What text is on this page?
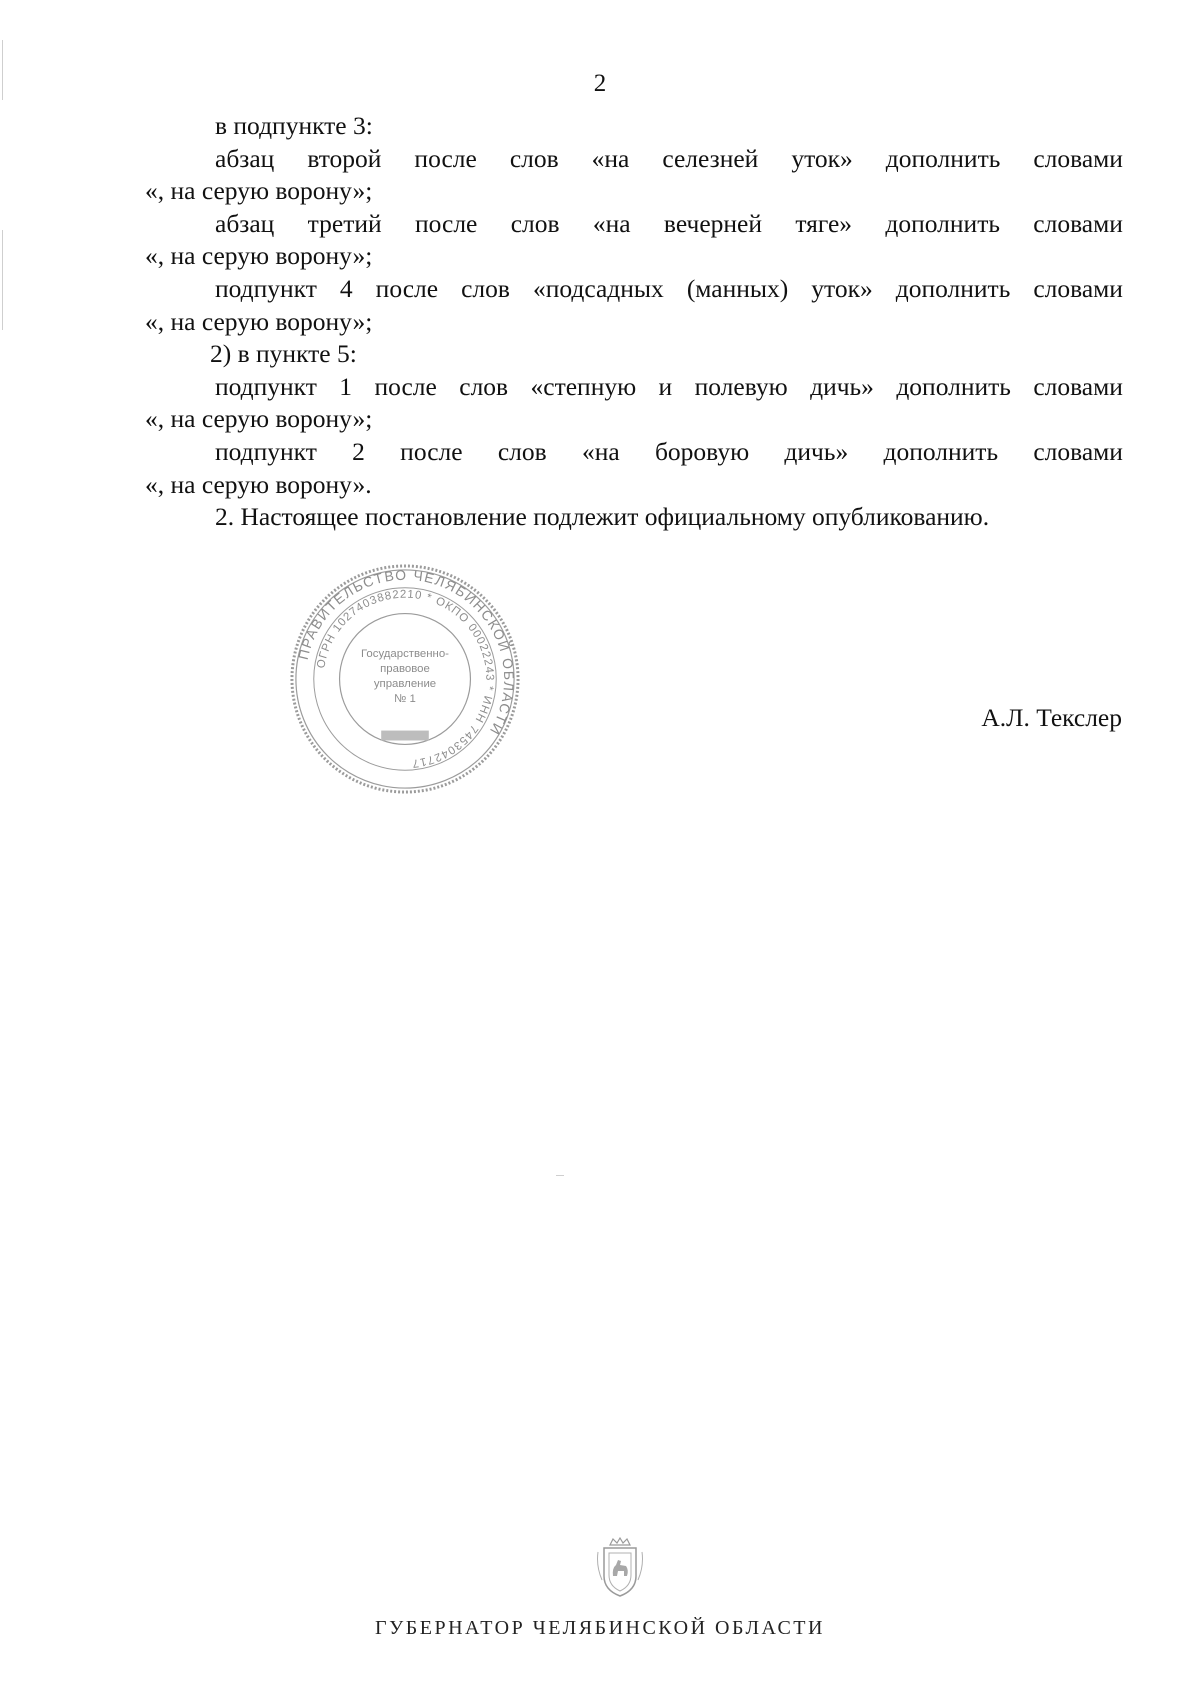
2
в подпункте 3:
абзац второй после слов «на селезней уток» дополнить словами
«, на серую ворону»;
абзац третий после слов «на вечерней тяге» дополнить словами
«, на серую ворону»;
подпункт 4 после слов «подсадных (манных) уток» дополнить словами
«, на серую ворону»;
2) в пункте 5:
подпункт 1 после слов «степную и полевую дичь» дополнить словами
«, на серую ворону»;
подпункт 2 после слов «на боровую дичь» дополнить словами
«, на серую ворону».
2. Настоящее постановление подлежит официальному опубликованию.
ПРАВИТЕЛЬСТВО ЧЕЛЯБИНСКОЙ ОБЛАСТИ
ОГРН 1027403882210 * ОКПО 00022243 * ИНН 7453042717
Государственно-правовое управление № 1
А.Л. Текслер
ГУБЕРНАТОР ЧЕЛЯБИНСКОЙ ОБЛАСТИ
